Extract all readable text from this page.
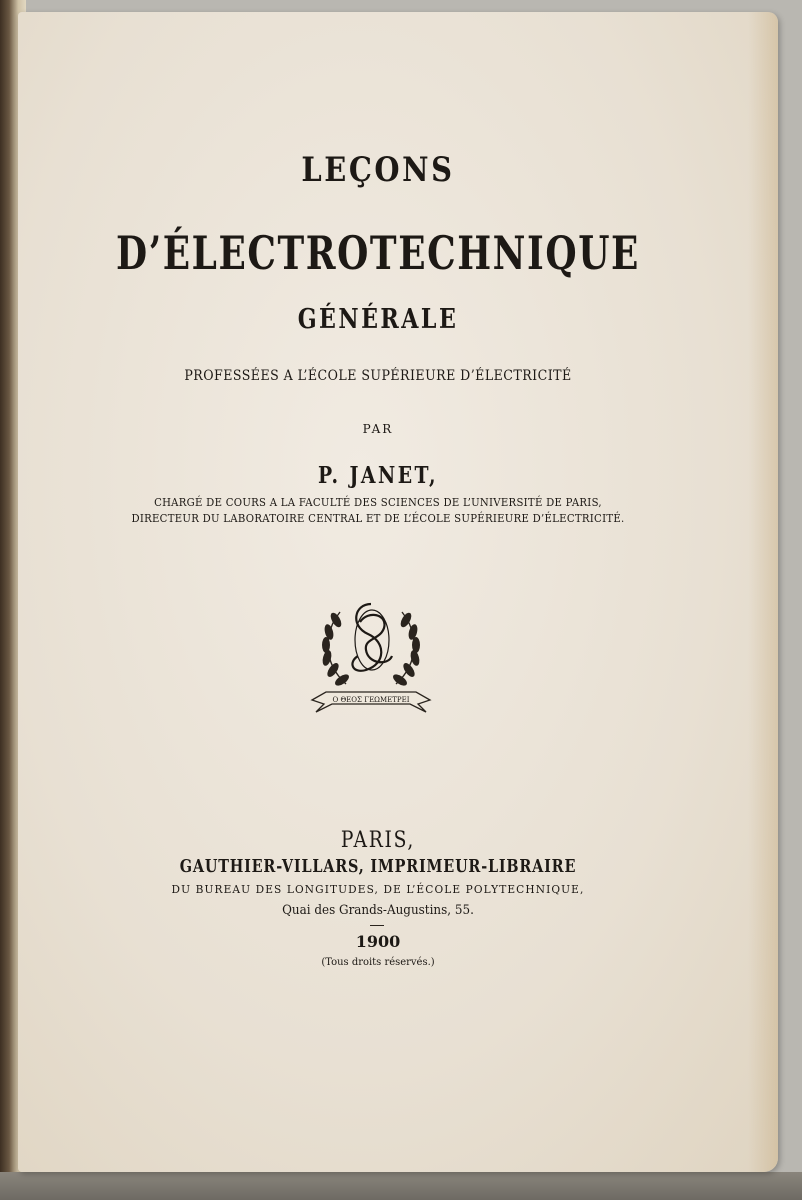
LEÇONS
D’ÉLECTROTECHNIQUE
GÉNÉRALE
PROFESSÉES A L’ÉCOLE SUPÉRIEURE D’ÉLECTRICITÉ
PAR
P. JANET,
CHARGÉ DE COURS A LA FACULTÉ DES SCIENCES DE L’UNIVERSITÉ DE PARIS,
DIRECTEUR DU LABORATOIRE CENTRAL ET DE L’ÉCOLE SUPÉRIEURE D’ÉLECTRICITÉ.
Ο ΘΕΟΣ ΓΕΩΜΕΤΡΕΙ
PARIS,
GAUTHIER-VILLARS, IMPRIMEUR-LIBRAIRE
DU BUREAU DES LONGITUDES, DE L’ÉCOLE POLYTECHNIQUE,
Quai des Grands-Augustins, 55.
1900
(Tous droits réservés.)
